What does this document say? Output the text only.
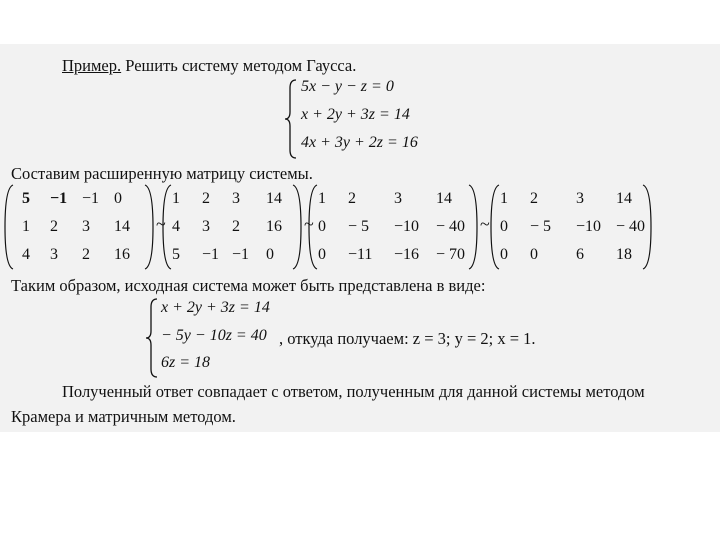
Пример. Решить систему методом Гаусса.
5x − y − z = 0
x + 2y + 3z = 14
4x + 3y + 2z = 16
Составим расширенную матрицу системы.
5 −1 −1 0
1 2 3 14
4 3 2 16
~
1 2 3 14
4 3 2 16
5 −1 −1 0
~
1 2 3 14
0 − 5 −10 − 40
0 −11 −16 − 70
~
1 2 3 14
0 − 5 −10 − 40
0 0 6 18
Таким образом, исходная система может быть представлена в виде:
x + 2y + 3z = 14
− 5y − 10z = 40
6z = 18
, откуда получаем: z = 3; y = 2; x = 1.
Полученный ответ совпадает с ответом, полученным для данной системы методом
Крамера и матричным методом.
